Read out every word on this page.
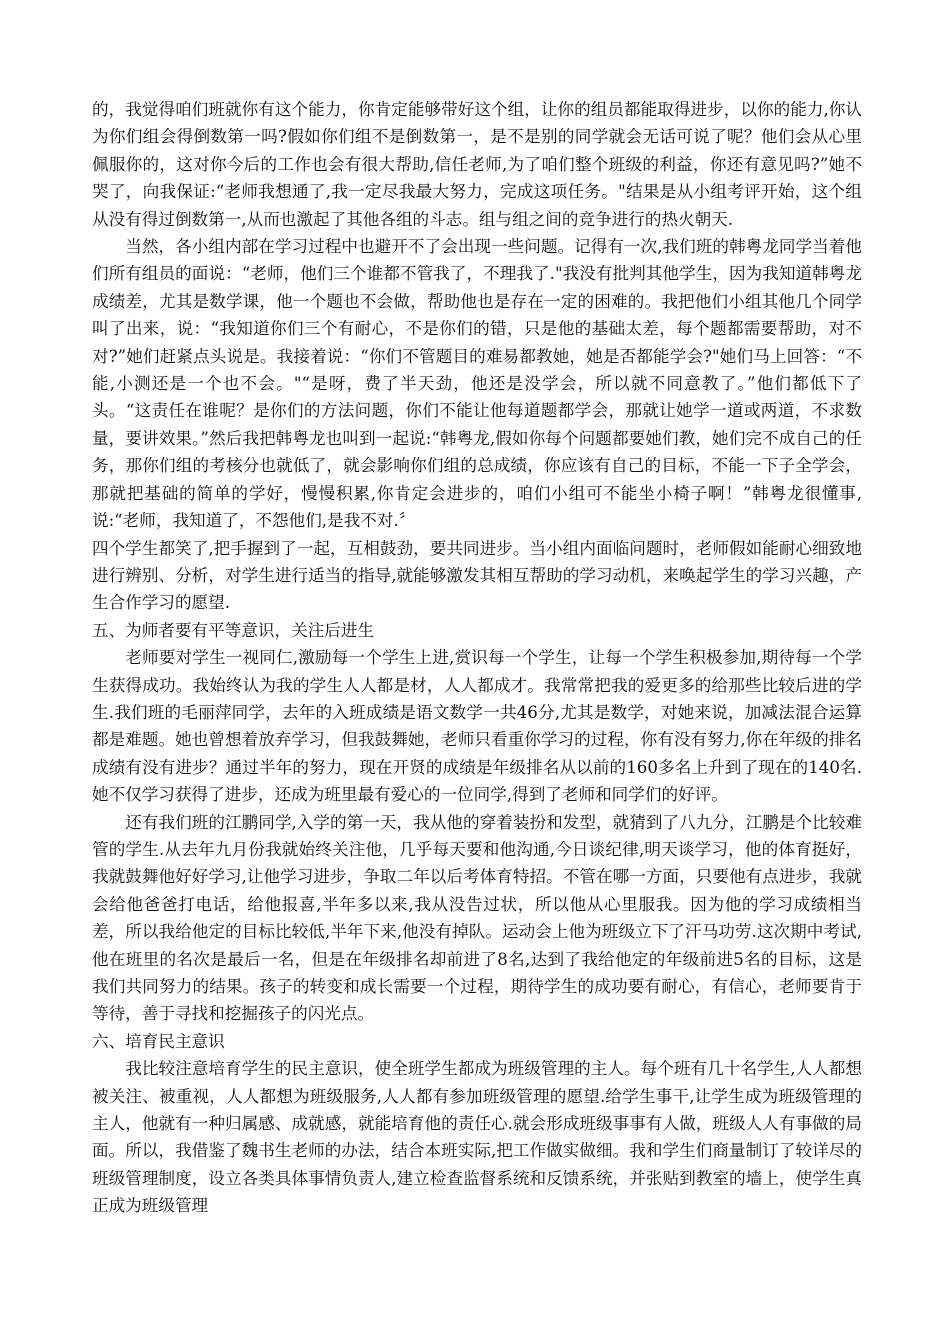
的，我觉得咱们班就你有这个能力，你肯定能够带好这个组，让你的组员都能取得进步，以你的能力,你认为你们组会得倒数第一吗?假如你们组不是倒数第一，是不是别的同学就会无话可说了呢？他们会从心里佩服你的，这对你今后的工作也会有很大帮助,信任老师,为了咱们整个班级的利益，你还有意见吗?”她不哭了，向我保证:“老师我想通了,我一定尽我最大努力，完成这项任务。"结果是从小组考评开始，这个组从没有得过倒数第一,从而也激起了其他各组的斗志。组与组之间的竞争进行的热火朝天.

当然，各小组内部在学习过程中也避开不了会出现一些问题。记得有一次,我们班的韩粤龙同学当着他们所有组员的面说：“老师，他们三个谁都不管我了，不理我了."我没有批判其他学生，因为我知道韩粤龙成绩差，尤其是数学课，他一个题也不会做，帮助他也是存在一定的困难的。我把他们小组其他几个同学叫了出来，说：“我知道你们三个有耐心，不是你们的错，只是他的基础太差，每个题都需要帮助，对不对?”她们赶紧点头说是。我接着说：“你们不管题目的难易都教她，她是否都能学会?"她们马上回答：“不能,小测还是一个也不会。"“是呀，费了半天劲，他还是没学会，所以就不同意教了。”他们都低下了头。“这责任在谁呢？是你们的方法问题，你们不能让他每道题都学会，那就让她学一道或两道，不求数量，要讲效果。”然后我把韩粤龙也叫到一起说:“韩粤龙,假如你每个问题都要她们教，她们完不成自己的任务，那你们组的考核分也就低了，就会影响你们组的总成绩，你应该有自己的目标，不能一下子全学会，那就把基础的简单的学好，慢慢积累,你肯定会进步的，咱们小组可不能坐小椅子啊！”韩粤龙很懂事,说:“老师，我知道了，不怨他们,是我不对.〞

四个学生都笑了,把手握到了一起，互相鼓劲，要共同进步。当小组内面临问题时，老师假如能耐心细致地进行辨别、分析，对学生进行适当的指导,就能够激发其相互帮助的学习动机，来唤起学生的学习兴趣，产生合作学习的愿望.

五、为师者要有平等意识，关注后进生

老师要对学生一视同仁,激励每一个学生上进,赏识每一个学生，让每一个学生积极参加,期待每一个学生获得成功。我始终认为我的学生人人都是材，人人都成才。我常常把我的爱更多的给那些比较后进的学生.我们班的毛丽萍同学，去年的入班成绩是语文数学一共46分,尤其是数学，对她来说，加减法混合运算都是难题。她也曾想着放弃学习，但我鼓舞她，老师只看重你学习的过程，你有没有努力,你在年级的排名成绩有没有进步？通过半年的努力，现在开贤的成绩是年级排名从以前的160多名上升到了现在的140名.她不仅学习获得了进步，还成为班里最有爱心的一位同学,得到了老师和同学们的好评。

还有我们班的江鹏同学,入学的第一天，我从他的穿着装扮和发型，就猜到了八九分，江鹏是个比较难管的学生.从去年九月份我就始终关注他，几乎每天要和他沟通,今日谈纪律,明天谈学习，他的体育挺好，我就鼓舞他好好学习,让他学习进步，争取二年以后考体育特招。不管在哪一方面，只要他有点进步，我就会给他爸爸打电话，给他报喜,半年多以来,我从没告过状，所以他从心里服我。因为他的学习成绩相当差，所以我给他定的目标比较低,半年下来,他没有掉队。运动会上他为班级立下了汗马功劳.这次期中考试,他在班里的名次是最后一名，但是在年级排名却前进了8名,达到了我给他定的年级前进5名的目标，这是我们共同努力的结果。孩子的转变和成长需要一个过程，期待学生的成功要有耐心，有信心，老师要肯于等待，善于寻找和挖掘孩子的闪光点。

六、培育民主意识

我比较注意培育学生的民主意识，使全班学生都成为班级管理的主人。每个班有几十名学生,人人都想被关注、被重视，人人都想为班级服务,人人都有参加班级管理的愿望.给学生事干,让学生成为班级管理的主人，他就有一种归属感、成就感，就能培育他的责任心.就会形成班级事事有人做，班级人人有事做的局面。所以，我借鉴了魏书生老师的办法，结合本班实际,把工作做实做细。我和学生们商量制订了较详尽的班级管理制度，设立各类具体事情负责人,建立检查监督系统和反馈系统，并张贴到教室的墙上，使学生真正成为班级管理
